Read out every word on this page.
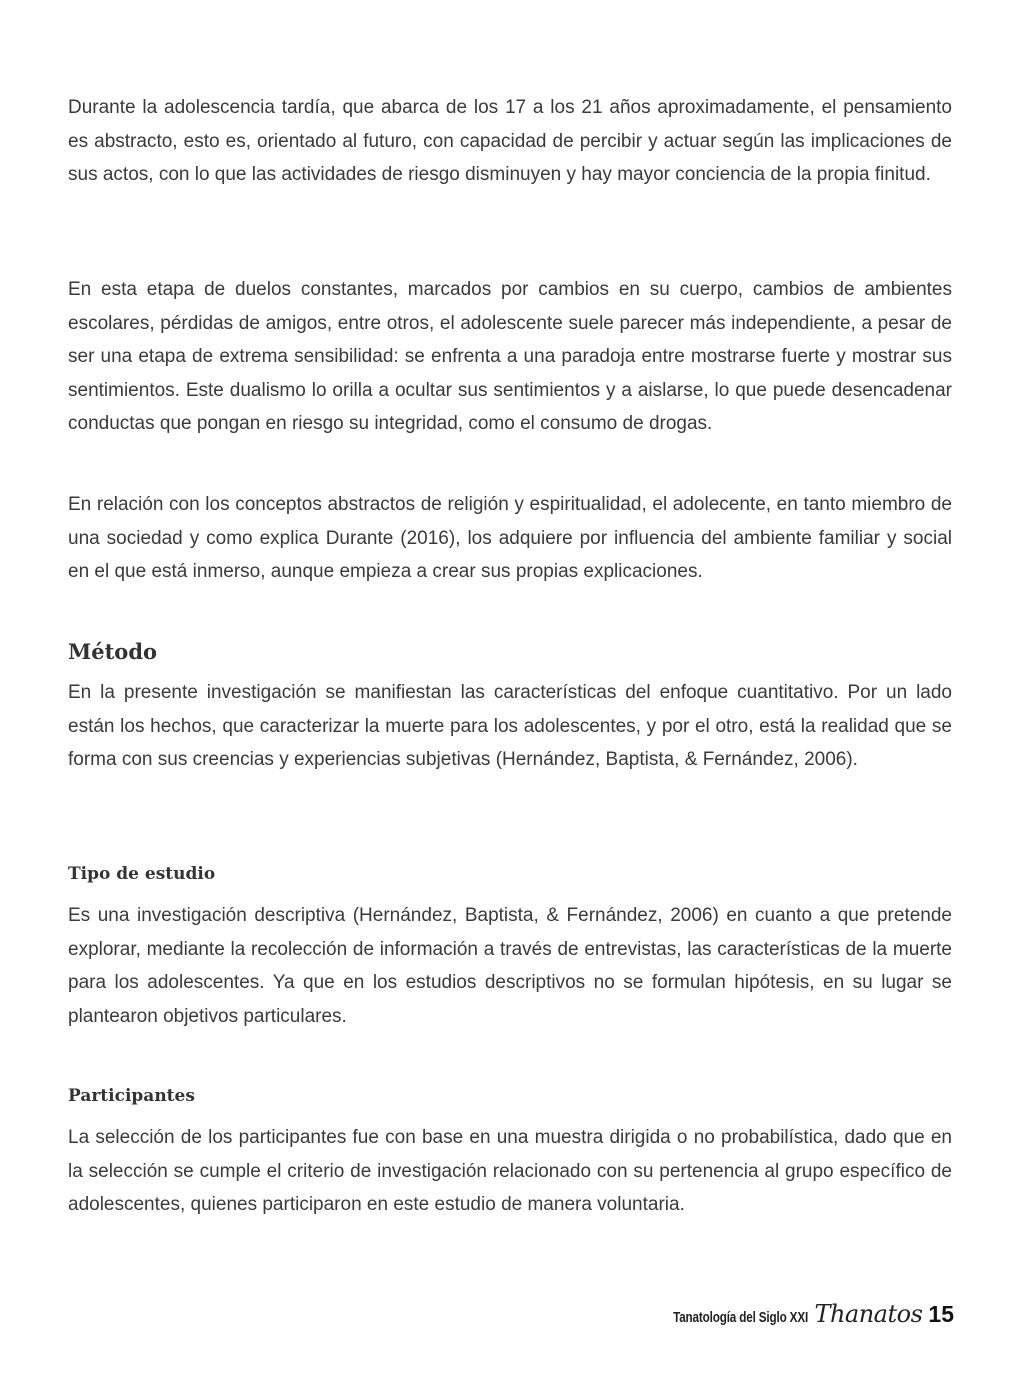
Durante la adolescencia tardía, que abarca de los 17 a los 21 años aproximadamente, el pensamiento es abstracto, esto es, orientado al futuro, con capacidad de percibir y actuar según las implicaciones de sus actos, con lo que las actividades de riesgo disminuyen y hay mayor conciencia de la propia finitud.

En esta etapa de duelos constantes, marcados por cambios en su cuerpo, cambios de ambientes escolares, pérdidas de amigos, entre otros, el adolescente suele parecer más independiente, a pesar de ser una etapa de extrema sensibilidad: se enfrenta a una paradoja entre mostrarse fuerte y mostrar sus sentimientos. Este dualismo lo orilla a ocultar sus sentimientos y a aislarse, lo que puede desencadenar conductas que pongan en riesgo su integridad, como el consumo de drogas.

En relación con los conceptos abstractos de religión y espiritualidad, el adolecente, en tanto miembro de una sociedad y como explica Durante (2016), los adquiere por influencia del ambiente familiar y social en el que está inmerso, aunque empieza a crear sus propias explicaciones.

Método

En la presente investigación se manifiestan las características del enfoque cuantitativo. Por un lado están los hechos, que caracterizar la muerte para los adolescentes, y por el otro, está la realidad que se forma con sus creencias y experiencias subjetivas (Hernández, Baptista, & Fernández, 2006).

Tipo de estudio

Es una investigación descriptiva (Hernández, Baptista, & Fernández, 2006) en cuanto a que pretende explorar, mediante la recolección de información a través de entrevistas, las características de la muerte para los adolescentes. Ya que en los estudios descriptivos no se formulan hipótesis, en su lugar se plantearon objetivos particulares.

Participantes

La selección de los participantes fue con base en una muestra dirigida o no probabilística, dado que en la selección se cumple el criterio de investigación relacionado con su pertenencia al grupo específico de adolescentes, quienes participaron en este estudio de manera voluntaria.

Tanatología del Siglo XXI Thanatos 15
